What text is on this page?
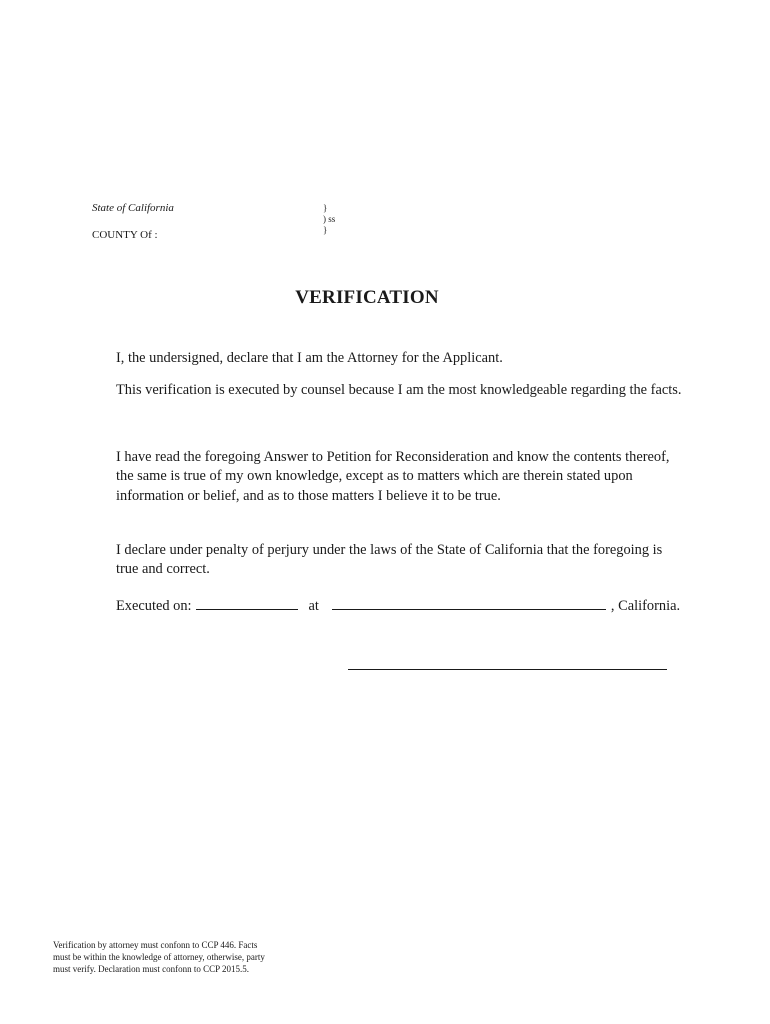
State of California
COUNTY Of :
}
) ss
}
VERIFICATION
I, the undersigned, declare that I am the Attorney for the Applicant.
This verification is executed by counsel because I am the most knowledgeable regarding the facts.
I have read the foregoing Answer to Petition for Reconsideration and know the contents thereof, the same is true of my own knowledge, except as to matters which are therein stated upon information or belief, and as to those matters I believe it to be true.
I declare under penalty of perjury under the laws of the State of California that the foregoing is true and correct.
Executed on:	at	, California.
Verification by attorney must confonn to CCP 446. Facts
must be within the knowledge of attorney, otherwise, party
must verify. Declaration must confonn to CCP 2015.5.
